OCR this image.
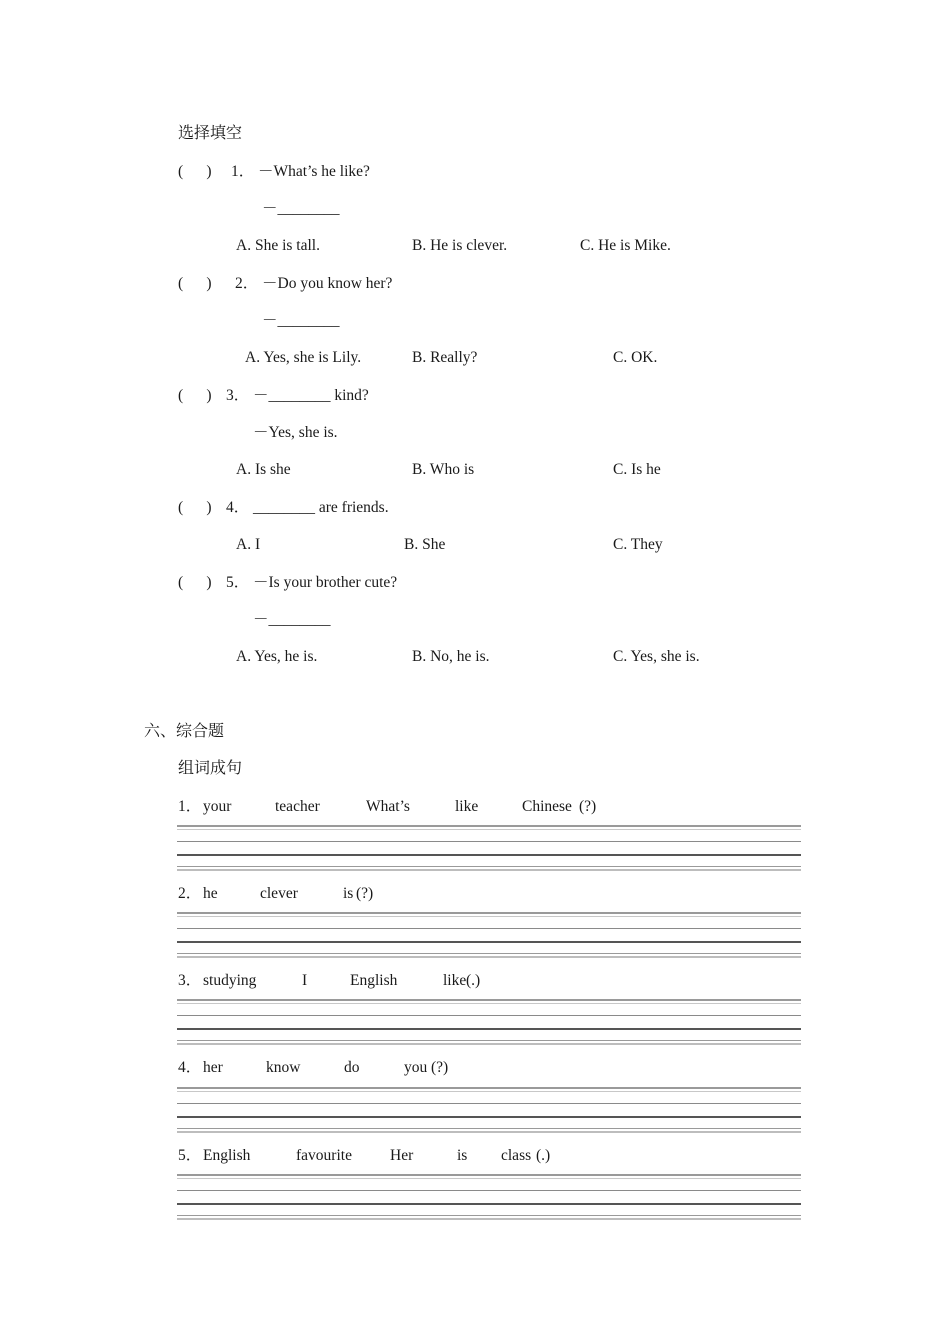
选择填空
(      ) 1． －What’s he like?
－________
A. She is tall.	B. He is clever.	C. He is Mike.
(      ) 2． －Do you know her?
－________
A. Yes, she is Lily.	B. Really?	C. OK.
(      ) 3． －________ kind?
－Yes, she is.
A. Is she	B. Who is	C. Is he
(      ) 4． ________ are friends.
A. I	B. She	C. They
(      ) 5． －Is your brother cute?
－________
A. Yes, he is.	B. No, he is.	C. Yes, she is.
六、综合题
组词成句
1． your	teacher	What’s	like	Chinese (?)
2． he	clever	is (?)
3． studying	I	English	like (.)
4． her	know	do	you (?)
5． English	favourite Her	is class (.)
